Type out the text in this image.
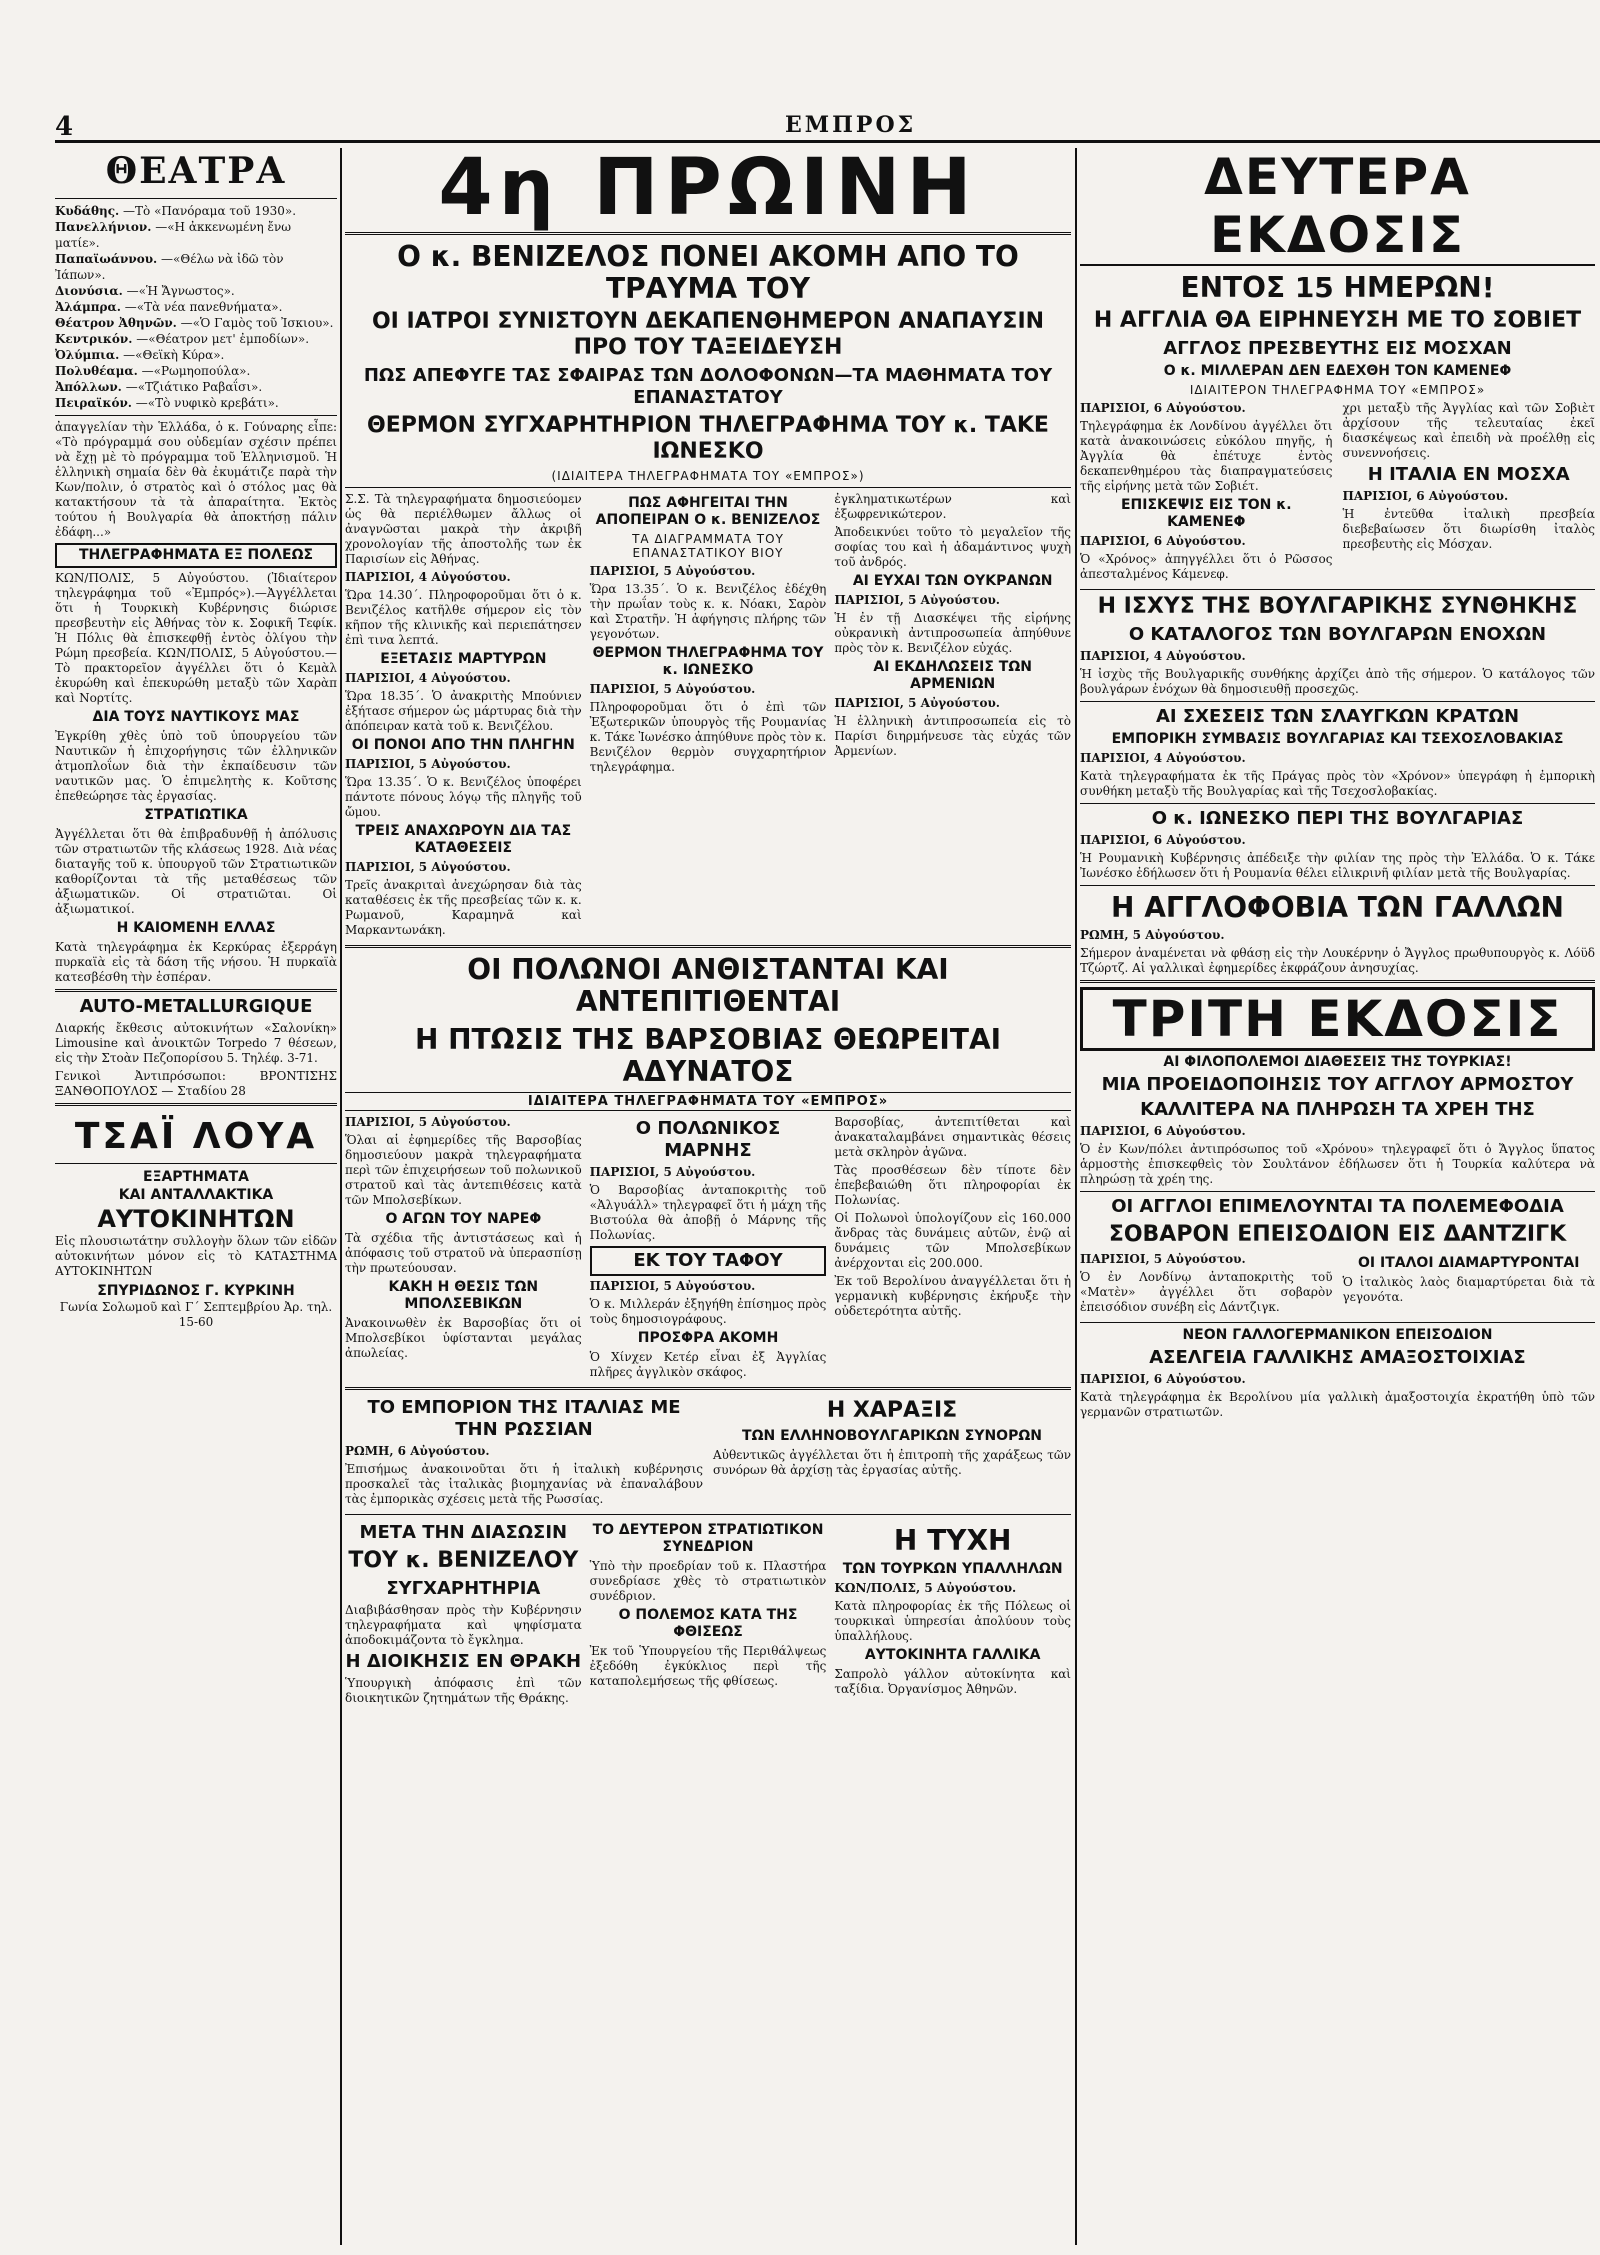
4	ΕΜΠΡΟΣ
ΘΕΑΤΡΑ

Κυδάθης. —Τὸ «Πανόραμα τοῦ 1930».

Πανελλήνιον. —«Η ἀκκενωμένη ἔνω ματίε».

Παπαϊωάννου. —«Θέλω νὰ ἰδῶ τὸν Ἰάπων».

Διονύσια. —«Ἡ Ἄγνωστος».

Ἀλάμπρα. —«Τὰ νέα πανεθνήματα».

Θέατρον Ἀθηνῶν. —«Ὁ Γαμὸς τοῦ Ἰσκιου».

Κεντρικόν. —«Θέατρον μετ' ἐμποδίων».

Ὀλύμπια. —«Θεϊκὴ Κύρα».

Πολυθέαμα. —«Ρωμηοπούλα».

Ἀπόλλων. —«Τζιάτικο Ραβαΐσι».

Πειραϊκόν. —«Τὸ νυφικὸ κρεβάτι».

ἀπαγγελίαν τὴν Ἑλλάδα, ὁ κ. Γούναρης εἶπε: «Τὸ πρόγραμμά σου οὐδεμίαν σχέσιν πρέπει νὰ ἔχῃ μὲ τὸ πρόγραμμα τοῦ Ἑλληνισμοῦ. Ἡ ἑλληνικὴ σημαία δὲν θὰ ἐκυμάτιζε παρὰ τὴν Κων/πολιν, ὁ στρατὸς καὶ ὁ στόλος μας θὰ κατακτήσουν τὰ τὰ ἀπαραίτητα. Ἐκτὸς τούτου ἡ Βουλγαρία θὰ ἀποκτήσῃ πάλιν ἐδάφη...»

ΤΗΛΕΓΡΑΦΗΜΑΤΑ ΕΞ ΠΟΛΕΩΣ

ΚΩΝ/ΠΟΛΙΣ, 5 Αὐγούστου. (Ἰδιαίτερον τηλεγράφημα τοῦ «Ἐμπρός»).—Ἀγγέλλεται ὅτι ἡ Τουρκικὴ Κυβέρνησις διώρισε πρεσβευτὴν εἰς Ἀθήνας τὸν κ. Σοφικῆ Τεφίκ. Ἡ Πόλις θὰ ἐπισκεφθῇ ἐντὸς ὀλίγου τὴν Ρώμη πρεσβεία. ΚΩΝ/ΠΟΛΙΣ, 5 Αὐγούστου.—Τὸ πρακτορεῖον ἀγγέλλει ὅτι ὁ Κεμὰλ ἐκυρώθη καὶ ἐπεκυρώθη μεταξὺ τῶν Χαρὰπ καὶ Νορτίτς.

ΔΙΑ ΤΟΥΣ ΝΑΥΤΙΚΟΥΣ ΜΑΣ

Ἐγκρίθη χθὲς ὑπὸ τοῦ ὑπουργείου τῶν Ναυτικῶν ἡ ἐπιχορήγησις τῶν ἐλληνικῶν ἀτμοπλοΐων διὰ τὴν ἐκπαίδευσιν τῶν ναυτικῶν μας. Ὁ ἐπιμελητὴς κ. Κοῦτσης ἐπεθεώρησε τὰς ἐργασίας.

ΣΤΡΑΤΙΩΤΙΚΑ

Ἀγγέλλεται ὅτι θὰ ἐπιβραδυνθῇ ἡ ἀπόλυσις τῶν στρατιωτῶν τῆς κλάσεως 1928. Διὰ νέας διαταγῆς τοῦ κ. ὑπουργοῦ τῶν Στρατιωτικῶν καθορίζονται τὰ τῆς μεταθέσεως τῶν ἀξιωματικῶν. Οἱ στρατιῶται. Οἱ ἀξιωματικοί.

Η ΚΑΙΟΜΕΝΗ ΕΛΛΑΣ

Κατὰ τηλεγράφημα ἐκ Κερκύρας ἐξερράγη πυρκαϊὰ εἰς τὰ δάση τῆς νήσου. Ἡ πυρκαϊὰ κατεσβέσθη τὴν ἑσπέραν.

AUTO-METALLURGIQUE

Διαρκής ἔκθεσις αὐτοκινήτων «Σαλονίκη» Limousine καὶ ἀνοικτῶν Torpedo 7 θέσεων, εἰς τὴν Στοὰν Πεζοπορίσου 5. Τηλέφ. 3-71.

Γενικοὶ Ἀντιπρόσωποι: ΒΡΟΝΤΙΣΗΣ ΞΑΝΘΟΠΟΥΛΟΣ — Σταδίου 28

ΤΣΑΪ ΛΟΥΑ

ΕΞΑΡΤΗΜΑΤΑ

ΚΑΙ ΑΝΤΑΛΛΑΚΤΙΚΑ

ΑΥΤΟΚΙΝΗΤΩΝ

Εἰς πλουσιωτάτην συλλογὴν ὅλων τῶν εἰδῶν αὐτοκινήτων μόνον εἰς τὸ ΚΑΤΑΣΤΗΜΑ ΑΥΤΟΚΙΝΗΤΩΝ

ΣΠΥΡΙΔΩΝΟΣ Γ. ΚΥΡΚΙΝΗ

Γωνία Σολωμοῦ καὶ Γ΄ Σεπτεμβρίου Ἀρ. τηλ. 15-60

4η ΠΡΩΙΝΗ
Ο κ. ΒΕΝΙΖΕΛΟΣ ΠΟΝΕΙ ΑΚΟΜΗ ΑΠΟ ΤΟ ΤΡΑΥΜΑ ΤΟΥ
ΟΙ ΙΑΤΡΟΙ ΣΥΝΙΣΤΟΥΝ ΔΕΚΑΠΕΝΘΗΜΕΡΟΝ ΑΝΑΠΑΥΣΙΝ ΠΡΟ ΤΟΥ ΤΑΞΕΙΔΕΥΣΗ
ΠΩΣ ΑΠΕΦΥΓΕ ΤΑΣ ΣΦΑΙΡΑΣ ΤΩΝ ΔΟΛΟΦΟΝΩΝ—ΤΑ ΜΑΘΗΜΑΤΑ ΤΟΥ ΕΠΑΝΑΣΤΑΤΟΥ
ΘΕΡΜΟΝ ΣΥΓΧΑΡΗΤΗΡΙΟΝ ΤΗΛΕΓΡΑΦΗΜΑ ΤΟΥ κ. ΤΑΚΕ ΙΩΝΕΣΚΟ
(ΙΔΙΑΙΤΕΡΑ ΤΗΛΕΓΡΑΦΗΜΑΤΑ ΤΟΥ «ΕΜΠΡΟΣ»)

Σ.Σ. Τὰ τηλεγραφήματα δημοσιεύομεν ὡς θὰ περιέλθωμεν ἄλλως οἱ ἀναγνῶσται μακρὰ τὴν ἀκριβῆ χρονολογίαν τῆς ἀποστολῆς των ἐκ Παρισίων εἰς Ἀθήνας.

ΠΑΡΙΣΙΟΙ, 4 Αὐγούστου.

Ὥρα 14.30΄. Πληροφοροῦμαι ὅτι ὁ κ. Βενιζέλος κατῆλθε σήμερον εἰς τὸν κῆπον τῆς κλινικῆς καὶ περιεπάτησεν ἐπὶ τινα λεπτά.

ΕΞΕΤΑΣΙΣ ΜΑΡΤΥΡΩΝ

ΠΑΡΙΣΙΟΙ, 4 Αὐγούστου.

Ὥρα 18.35΄. Ὁ ἀνακριτὴς Μπούνιεν ἐξήτασε σήμερον ὡς μάρτυρας διὰ τὴν ἀπόπειραν κατὰ τοῦ κ. Βενιζέλου.

ΟΙ ΠΟΝΟΙ ΑΠΟ ΤΗΝ ΠΛΗΓΗΝ

ΠΑΡΙΣΙΟΙ, 5 Αὐγούστου.

Ὥρα 13.35΄. Ὁ κ. Βενιζέλος ὑποφέρει πάντοτε πόνους λόγῳ τῆς πληγῆς τοῦ ὤμου.

ΤΡΕΙΣ ΑΝΑΧΩΡΟΥΝ ΔΙΑ ΤΑΣ ΚΑΤΑΘΕΣΕΙΣ

ΠΑΡΙΣΙΟΙ, 5 Αὐγούστου.

Τρεῖς ἀνακριταὶ ἀνεχώρησαν διὰ τὰς καταθέσεις ἐκ τῆς πρεσβείας τῶν κ. κ. Ρωμανοῦ, Καραμηνᾶ καὶ Μαρκαντωνάκη.

ΠΩΣ ΑΦΗΓΕΙΤΑΙ ΤΗΝ ΑΠΟΠΕΙΡΑΝ Ο κ. ΒΕΝΙΖΕΛΟΣ
ΤΑ ΔΙΑΓΡΑΜΜΑΤΑ ΤΟΥ ΕΠΑΝΑΣΤΑΤΙΚΟΥ ΒΙΟΥ

ΠΑΡΙΣΙΟΙ, 5 Αὐγούστου.

Ὥρα 13.35΄. Ὁ κ. Βενιζέλος ἐδέχθη τὴν πρωΐαν τοὺς κ. κ. Νόακι, Σαρὸν καὶ Στρατῆν. Ἡ ἀφήγησις πλήρης τῶν γεγονότων.

ΘΕΡΜΟΝ ΤΗΛΕΓΡΑΦΗΜΑ ΤΟΥ κ. ΙΩΝΕΣΚΟ

ΠΑΡΙΣΙΟΙ, 5 Αὐγούστου.

Πληροφοροῦμαι ὅτι ὁ ἐπὶ τῶν Ἐξωτερικῶν ὑπουργὸς τῆς Ρουμανίας κ. Τάκε Ἰωνέσκο ἀπηύθυνε πρὸς τὸν κ. Βενιζέλον θερμὸν συγχαρητήριον τηλεγράφημα.

ἐγκληματικωτέρων καὶ ἐξωφρενικώτερον.

Ἀποδεικνύει τοῦτο τὸ μεγαλεῖον τῆς σοφίας του καὶ ἡ ἀδαμάντινος ψυχὴ τοῦ ἀνδρός.

ΑΙ ΕΥΧΑΙ ΤΩΝ ΟΥΚΡΑΝΩΝ

ΠΑΡΙΣΙΟΙ, 5 Αὐγούστου.

Ἡ ἐν τῇ Διασκέψει τῆς εἰρήνης οὐκρανικὴ ἀντιπροσωπεία ἀπηύθυνε πρὸς τὸν κ. Βενιζέλον εὐχάς.

ΑΙ ΕΚΔΗΛΩΣΕΙΣ ΤΩΝ ΑΡΜΕΝΙΩΝ

ΠΑΡΙΣΙΟΙ, 5 Αὐγούστου.

Ἡ ἑλληνικὴ ἀντιπροσωπεία εἰς τὸ Παρίσι διηρμήνευσε τὰς εὐχάς τῶν Ἀρμενίων.

ΟΙ ΠΟΛΩΝΟΙ ΑΝΘΙΣΤΑΝΤΑΙ ΚΑΙ ΑΝΤΕΠΙΤΙΘΕΝΤΑΙ
Η ΠΤΩΣΙΣ ΤΗΣ ΒΑΡΣΟΒΙΑΣ ΘΕΩΡΕΙΤΑΙ ΑΔΥΝΑΤΟΣ
ΙΔΙΑΙΤΕΡΑ ΤΗΛΕΓΡΑΦΗΜΑΤΑ ΤΟΥ «ΕΜΠΡΟΣ»

ΠΑΡΙΣΙΟΙ, 5 Αὐγούστου.

Ὅλαι αἱ ἐφημερίδες τῆς Βαρσοβίας δημοσιεύουν μακρὰ τηλεγραφήματα περὶ τῶν ἐπιχειρήσεων τοῦ πολωνικοῦ στρατοῦ καὶ τὰς ἀντεπιθέσεις κατὰ τῶν Μπολσεβίκων.

Ο ΑΓΩΝ ΤΟΥ ΝΑΡΕΦ

Τὰ σχέδια τῆς ἀντιστάσεως καὶ ἡ ἀπόφασις τοῦ στρατοῦ νὰ ὑπερασπίσῃ τὴν πρωτεύουσαν.

ΚΑΚΗ Η ΘΕΣΙΣ ΤΩΝ ΜΠΟΛΣΕΒΙΚΩΝ

Ἀνακοινωθὲν ἐκ Βαρσοβίας ὅτι οἱ Μπολσεβίκοι ὑφίστανται μεγάλας ἀπωλείας.

Ο ΠΟΛΩΝΙΚΟΣ ΜΑΡΝΗΣ

ΠΑΡΙΣΙΟΙ, 5 Αὐγούστου.

Ὁ Βαρσοβίας ἀνταποκριτὴς τοῦ «Ἀλγυάλλ» τηλεγραφεῖ ὅτι ἡ μάχη τῆς Βιστούλα θὰ ἀποβῇ ὁ Μάρνης τῆς Πολωνίας.

ΕΚ ΤΟΥ ΤΑΦΟΥ

ΠΑΡΙΣΙΟΙ, 5 Αὐγούστου.

Ὁ κ. Μιλλεράν ἐξηγήθη ἐπίσημος πρὸς τοὺς δημοσιογράφους.

ΠΡΟΣΦΡΑ ΑΚΟΜΗ

Ὁ Χίνχεν Κετέρ εἶναι ἐξ Ἀγγλίας πλῆρες ἀγγλικὸν σκάφος.

Βαρσοβίας, ἀντεπιτίθεται καὶ ἀνακαταλαμβάνει σημαντικὰς θέσεις μετὰ σκληρὸν ἀγῶνα.

Τὰς προσθέσεων δὲν τίποτε δὲν ἐπεβεβαιώθη ὅτι πληροφορίαι ἐκ Πολωνίας.

Οἱ Πολωνοὶ ὑπολογίζουν εἰς 160.000 ἄνδρας τὰς δυνάμεις αὐτῶν, ἐνῷ αἱ δυνάμεις τῶν Μπολσεβίκων ἀνέρχονται εἰς 200.000.

Ἐκ τοῦ Βερολίνου ἀναγγέλλεται ὅτι ἡ γερμανικὴ κυβέρνησις ἐκήρυξε τὴν οὐδετερότητα αὐτῆς.

ΤΟ ΕΜΠΟΡΙΟΝ ΤΗΣ ΙΤΑΛΙΑΣ ΜΕ ΤΗΝ ΡΩΣΣΙΑΝ

ΡΩΜΗ, 6 Αὐγούστου.

Ἐπισήμως ἀνακοινοῦται ὅτι ἡ ἰταλικὴ κυβέρνησις προσκαλεῖ τὰς ἰταλικὰς βιομηχανίας νὰ ἐπαναλάβουν τὰς ἐμπορικὰς σχέσεις μετὰ τῆς Ρωσσίας.

Η ΧΑΡΑΞΙΣ
ΤΩΝ ΕΛΛΗΝΟΒΟΥΛΓΑΡΙΚΩΝ ΣΥΝΟΡΩΝ

Αὐθεντικῶς ἀγγέλλεται ὅτι ἡ ἐπιτροπὴ τῆς χαράξεως τῶν συνόρων θὰ ἀρχίσῃ τὰς ἐργασίας αὐτῆς.

ΜΕΤΑ ΤΗΝ ΔΙΑΣΩΣΙΝ
ΤΟΥ κ. ΒΕΝΙΖΕΛΟΥ
ΣΥΓΧΑΡΗΤΗΡΙΑ

Διαβιβάσθησαν πρὸς τὴν Κυβέρνησιν τηλεγραφήματα καὶ ψηφίσματα ἀποδοκιμάζοντα τὸ ἔγκλημα.

Η ΔΙΟΙΚΗΣΙΣ ΕΝ ΘΡΑΚΗ

Ὑπουργικὴ ἀπόφασις ἐπὶ τῶν διοικητικῶν ζητημάτων τῆς Θράκης.

ΤΟ ΔΕΥΤΕΡΟΝ ΣΤΡΑΤΙΩΤΙΚΟΝ ΣΥΝΕΔΡΙΟΝ

Ὑπὸ τὴν προεδρίαν τοῦ κ. Πλαστήρα συνεδρίασε χθὲς τὸ στρατιωτικὸν συνέδριον.

Ο ΠΟΛΕΜΟΣ ΚΑΤΑ ΤΗΣ ΦΘΙΣΕΩΣ

Ἐκ τοῦ Ὑπουργείου τῆς Περιθάλψεως ἐξεδόθη ἐγκύκλιος περὶ τῆς καταπολεμήσεως τῆς φθίσεως.

Η ΤΥΧΗ
ΤΩΝ ΤΟΥΡΚΩΝ ΥΠΑΛΛΗΛΩΝ

ΚΩΝ/ΠΟΛΙΣ, 5 Αὐγούστου.

Κατὰ πληροφορίας ἐκ τῆς Πόλεως οἱ τουρκικαὶ ὑπηρεσίαι ἀπολύουν τοὺς ὑπαλλήλους.

ΑΥΤΟΚΙΝΗΤΑ ΓΑΛΛΙΚΑ

Σαπρολὸ γάλλον αὐτοκίνητα καὶ ταξίδια. Ὀργανίσμος Ἀθηνῶν.

ΔΕΥΤΕΡΑ ΕΚΔΟΣΙΣ
ΕΝΤΟΣ 15 ΗΜΕΡΩΝ!
Η ΑΓΓΛΙΑ ΘΑ ΕΙΡΗΝΕΥΣΗ ΜΕ ΤΟ ΣΟΒΙΕΤ
ΑΓΓΛΟΣ ΠΡΕΣΒΕΥΤΗΣ ΕΙΣ ΜΟΣΧΑΝ
Ο κ. ΜΙΛΛΕΡΑΝ ΔΕΝ ΕΔΕΧΘΗ ΤΟΝ ΚΑΜΕΝΕΦ
ΙΔΙΑΙΤΕΡΟΝ ΤΗΛΕΓΡΑΦΗΜΑ ΤΟΥ «ΕΜΠΡΟΣ»

ΠΑΡΙΣΙΟΙ, 6 Αὐγούστου.

Τηλεγράφημα ἐκ Λονδίνου ἀγγέλλει ὅτι κατὰ ἀνακοινώσεις εὐκόλου πηγῆς, ἡ Ἀγγλία θὰ ἐπέτυχε ἐντὸς δεκαπενθημέρου τὰς διαπραγματεύσεις τῆς εἰρήνης μετὰ τῶν Σοβιέτ.

ΕΠΙΣΚΕΨΙΣ ΕΙΣ ΤΟΝ κ. ΚΑΜΕΝΕΦ

ΠΑΡΙΣΙΟΙ, 6 Αὐγούστου.

Ὁ «Χρόνος» ἀπηγγέλλει ὅτι ὁ Ρῶσσος ἀπεσταλμένος Κάμενεφ.

χρι μεταξὺ τῆς Ἀγγλίας καὶ τῶν Σοβιὲτ ἀρχίσουν τῆς τελευταίας ἐκεῖ διασκέψεως καὶ ἐπειδὴ νὰ προέλθῃ εἰς συνεννοήσεις.

Η ΙΤΑΛΙΑ ΕΝ ΜΟΣΧΑ

ΠΑΡΙΣΙΟΙ, 6 Αὐγούστου.

Ἡ ἐντεῦθα ἰταλικὴ πρεσβεία διεβεβαίωσεν ὅτι διωρίσθη ἰταλὸς πρεσβευτὴς εἰς Μόσχαν.

Η ΙΣΧΥΣ ΤΗΣ ΒΟΥΛΓΑΡΙΚΗΣ ΣΥΝΘΗΚΗΣ
Ο ΚΑΤΑΛΟΓΟΣ ΤΩΝ ΒΟΥΛΓΑΡΩΝ ΕΝΟΧΩΝ

ΠΑΡΙΣΙΟΙ, 4 Αὐγούστου.

Ἡ ἰσχὺς τῆς Βουλγαρικῆς συνθήκης ἀρχίζει ἀπὸ τῆς σήμερον. Ὁ κατάλογος τῶν βουλγάρων ἐνόχων θὰ δημοσιευθῇ προσεχῶς.

ΑΙ ΣΧΕΣΕΙΣ ΤΩΝ ΣΛΑΥΓΚΩΝ ΚΡΑΤΩΝ
ΕΜΠΟΡΙΚΗ ΣΥΜΒΑΣΙΣ ΒΟΥΛΓΑΡΙΑΣ ΚΑΙ ΤΣΕΧΟΣΛΟΒΑΚΙΑΣ

ΠΑΡΙΣΙΟΙ, 4 Αὐγούστου.

Κατὰ τηλεγραφήματα ἐκ τῆς Πράγας πρὸς τὸν «Χρόνον» ὑπεγράφη ἡ ἐμπορικὴ συνθήκη μεταξὺ τῆς Βουλγαρίας καὶ τῆς Τσεχοσλοβακίας.

Ο κ. ΙΩΝΕΣΚΟ ΠΕΡΙ ΤΗΣ ΒΟΥΛΓΑΡΙΑΣ

ΠΑΡΙΣΙΟΙ, 6 Αὐγούστου.

Ἡ Ρουμανικὴ Κυβέρνησις ἀπέδειξε τὴν φιλίαν της πρὸς τὴν Ἑλλάδα. Ὁ κ. Τάκε Ἰωνέσκο ἐδήλωσεν ὅτι ἡ Ρουμανία θέλει εἰλικρινῆ φιλίαν μετὰ τῆς Βουλγαρίας.

Η ΑΓΓΛΟΦΟΒΙΑ ΤΩΝ ΓΑΛΛΩΝ

ΡΩΜΗ, 5 Αὐγούστου.

Σήμερον ἀναμένεται νὰ φθάσῃ εἰς τὴν Λουκέρνην ὁ Ἄγγλος πρωθυπουργὸς κ. Λόϋδ Τζώρτζ. Αἱ γαλλικαὶ ἐφημερίδες ἐκφράζουν ἀνησυχίας.

ΤΡΙΤΗ ΕΚΔΟΣΙΣ
ΑΙ ΦΙΛΟΠΟΛΕΜΟΙ ΔΙΑΘΕΣΕΙΣ ΤΗΣ ΤΟΥΡΚΙΑΣ!
ΜΙΑ ΠΡΟΕΙΔΟΠΟΙΗΣΙΣ ΤΟΥ ΑΓΓΛΟΥ ΑΡΜΟΣΤΟΥ
ΚΑΛΛΙΤΕΡΑ ΝΑ ΠΛΗΡΩΣΗ ΤΑ ΧΡΕΗ ΤΗΣ

ΠΑΡΙΣΙΟΙ, 6 Αὐγούστου.

Ὁ ἐν Κων/πόλει ἀντιπρόσωπος τοῦ «Χρόνου» τηλεγραφεῖ ὅτι ὁ Ἄγγλος ὕπατος ἁρμοστὴς ἐπισκεφθεὶς τὸν Σουλτάνον ἐδήλωσεν ὅτι ἡ Τουρκία καλύτερα νὰ πληρώσῃ τὰ χρέη της.

ΟΙ ΑΓΓΛΟΙ ΕΠΙΜΕΛΟΥΝΤΑΙ ΤΑ ΠΟΛΕΜΕΦΟΔΙΑ
ΣΟΒΑΡΟΝ ΕΠΕΙΣΟΔΙΟΝ ΕΙΣ ΔΑΝΤΖΙΓΚ

ΠΑΡΙΣΙΟΙ, 5 Αὐγούστου.

Ὁ ἐν Λονδίνῳ ἀνταποκριτὴς τοῦ «Ματὲν» ἀγγέλλει ὅτι σοβαρὸν ἐπεισόδιον συνέβη εἰς Δάντζιγκ.

ΟΙ ΙΤΑΛΟΙ ΔΙΑΜΑΡΤΥΡΟΝΤΑΙ

Ὁ ἰταλικὸς λαὸς διαμαρτύρεται διὰ τὰ γεγονότα.

ΝΕΟΝ ΓΑΛΛΟΓΕΡΜΑΝΙΚΟΝ ΕΠΕΙΣΟΔΙΟΝ
ΑΣΕΛΓΕΙΑ ΓΑΛΛΙΚΗΣ ΑΜΑΞΟΣΤΟΙΧΙΑΣ

ΠΑΡΙΣΙΟΙ, 6 Αὐγούστου.

Κατὰ τηλεγράφημα ἐκ Βερολίνου μία γαλλικὴ ἀμαξοστοιχία ἐκρατήθη ὑπὸ τῶν γερμανῶν στρατιωτῶν.
